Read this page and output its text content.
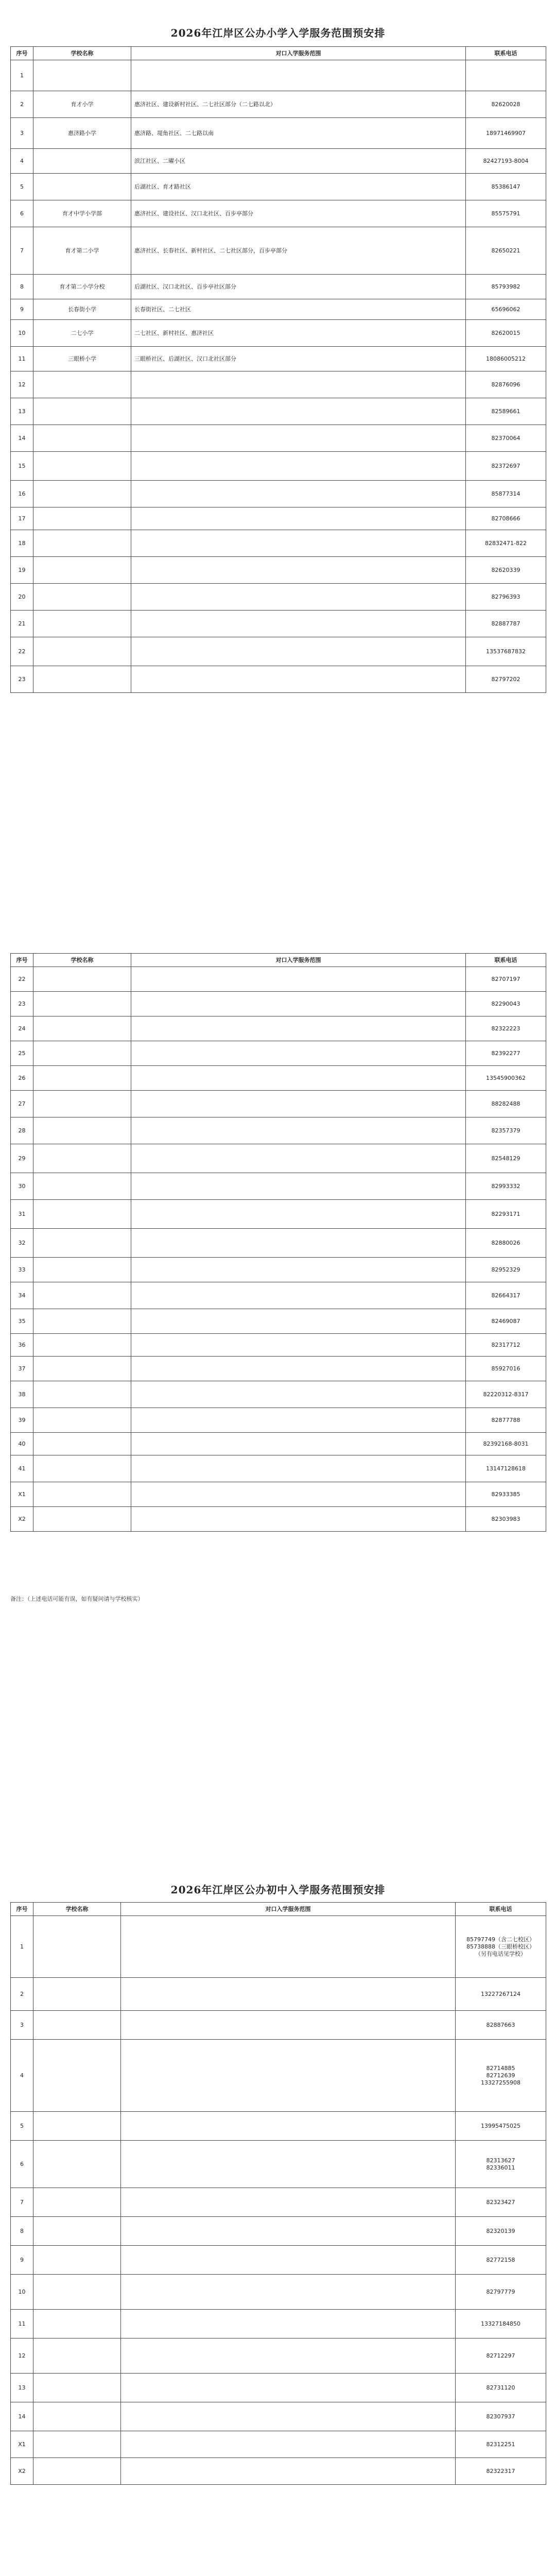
2026年江岸区公办小学入学服务范围预安排
序号	学校名称	对口入学服务范围	联系电话
1			
2	育才小学	惠济社区、建设新村社区、二七社区部分（二七路以北）	82620028
3	惠济路小学	惠济路、堤角社区、二七路以南	18971469907
4		滨江社区、二曜小区	82427193-8004
5		后湖社区、育才路社区	85386147
6	育才中学小学部	惠济社区、建设社区、汉口北社区、百步亭部分	85575791
7	育才第二小学	惠济社区、长春社区、新村社区、二七社区部分，百步亭部分	82650221
8	育才第二小学分校	后湖社区、汉口北社区、百步亭社区部分	85793982
9	长春街小学	长春街社区、二七社区	65696062
10	二七小学	二七社区、新村社区、惠济社区	82620015
11	三眼桥小学	三眼桥社区、后湖社区、汉口北社区部分	18086005212
12			82876096
13			82589661
14			82370064
15			82372697
16			85877314
17			82708666
18			82832471-822
19			82620339
20			82796393
21			82887787
22			13537687832
23			82797202
序号	学校名称	对口入学服务范围	联系电话
22			82707197
23			82290043
24			82322223
25			82392277
26			13545900362
27			88282488
28			82357379
29			82548129
30			82993332
31			82293171
32			82880026
33			82952329
34			82664317
35			82469087
36			82317712
37			85927016
38			82220312-8317
39			82877788
40			82392168-8031
41			13147128618
X1			82933385
X2			82303983
备注：（上述电话可能有误，如有疑问请与学校核实）
2026年江岸区公办初中入学服务范围预安排
序号	学校名称	对口入学服务范围	联系电话
1			85797749（含二七校区）
85738888（三眼桥校区）
（另有电话见学校）
2			13227267124
3			82887663
4			82714885
82712639
13327255908
5			13995475025
6			82313627
82336011
7			82323427
8			82320139
9			82772158
10			82797779
11			13327184850
12			82712297
13			82731120
14			82307937
X1			82312251
X2			82322317
